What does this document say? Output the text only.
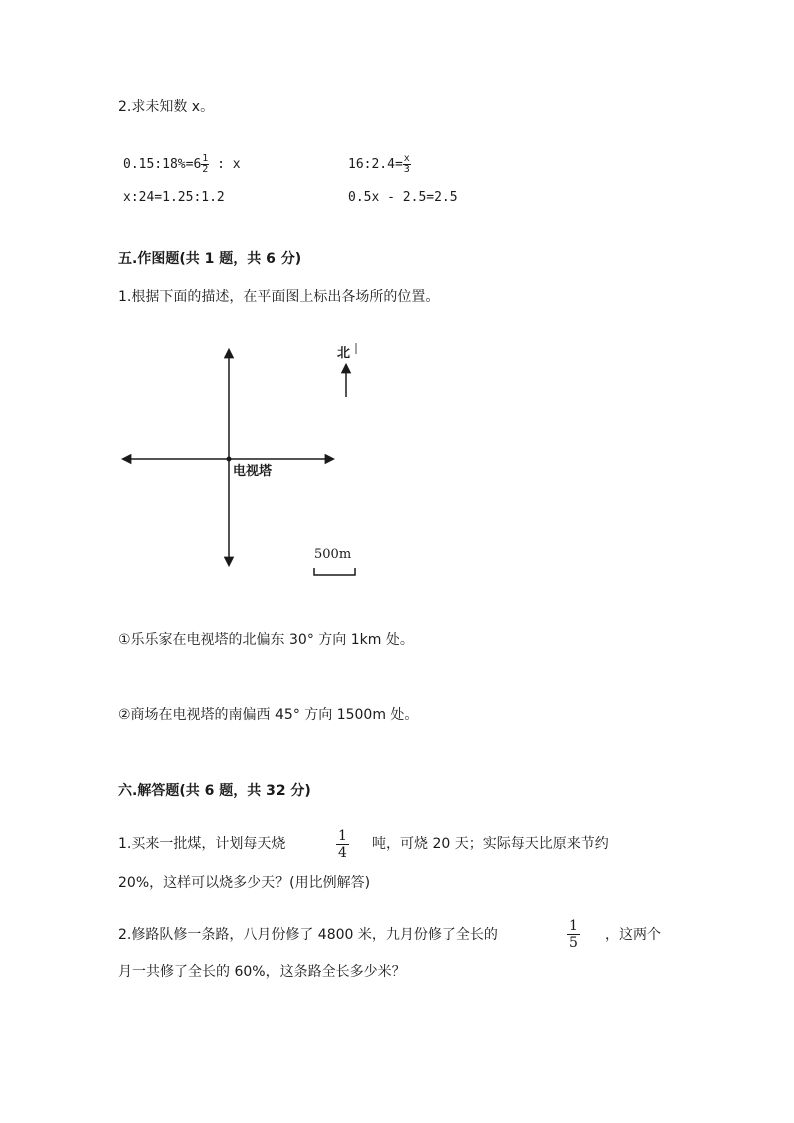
2.求未知数 x。
0.15:18%=6 $\frac{1}{2}$ : x	16:2.4= $\frac{x}{3}$
x:24=1.25:1.2	0.5x - 2.5=2.5
五.作图题(共 1 题，共 6 分)
1.根据下面的描述，在平面图上标出各场所的位置。
电视塔
北
500m
①乐乐家在电视塔的北偏东 30° 方向 1km 处。
②商场在电视塔的南偏西 45° 方向 1500m 处。
六.解答题(共 6 题，共 32 分)
1.买来一批煤，计划每天烧	$\frac{1}{4}$ 吨，可烧 20 天；实际每天比原来节约
20%，这样可以烧多少天？(用比例解答)
2.修路队修一条路，八月份修了 4800 米，九月份修了全长的	$\frac{1}{5}$ ，这两个
月一共修了全长的 60%，这条路全长多少米？
